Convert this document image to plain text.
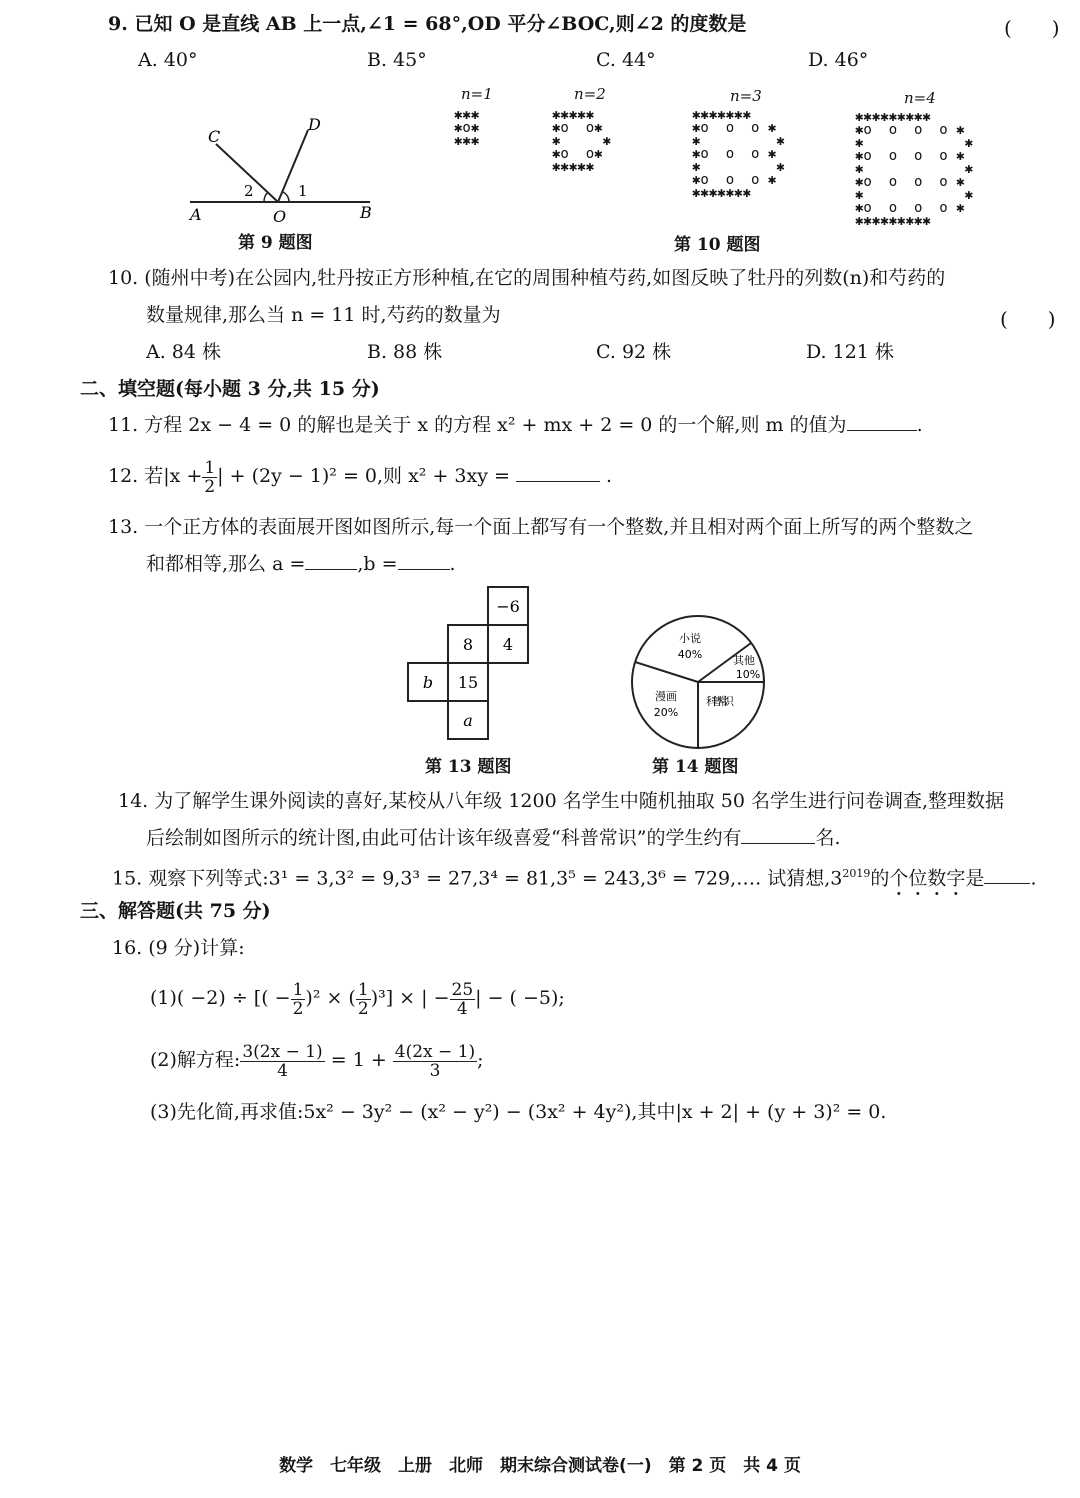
9. 已知 O 是直线 AB 上一点,∠1 = 68°,OD 平分∠BOC,则∠2 的度数是	(　　)
A. 40°	B. 45°	C. 44°	D. 46°
A	B
O
C
D
2	1
第 9 题图
n=1	n=2	n=3	n=4
✱✱✱
✱o✱
✱✱✱
✱✱✱✱✱
✱o  o✱
✱     ✱
✱o  o✱
✱✱✱✱✱
✱✱✱✱✱✱✱
✱o  o  o ✱
✱         ✱
✱o  o  o ✱
✱         ✱
✱o  o  o ✱
✱✱✱✱✱✱✱
✱✱✱✱✱✱✱✱✱
✱o  o  o  o ✱
✱            ✱
✱o  o  o  o ✱
✱            ✱
✱o  o  o  o ✱
✱            ✱
✱o  o  o  o ✱
✱✱✱✱✱✱✱✱✱
第 10 题图
10. (随州中考)在公园内,牡丹按正方形种植,在它的周围种植芍药,如图反映了牡丹的列数(n)和芍药的
数量规律,那么当 n = 11 时,芍药的数量为	(　　)
A. 84 株	B. 88 株	C. 92 株	D. 121 株
二、填空题(每小题 3 分,共 15 分)
11. 方程 2x − 4 = 0 的解也是关于 x 的方程 x² + mx + 2 = 0 的一个解,则 m 的值为	.
12. 若$|x + \frac{1}{2}$ | + (2y − 1)² = 0,则 x² + 3xy =	.
13. 一个正方体的表面展开图如图所示,每一个面上都写有一个整数,并且相对两个面上所写的两个整数之
和都相等,那么 a =	,b =	.
−6
8 4
b 15
a
第 13 题图
小说
40%	其他
10%
科普常识
漫画
20%
第 14 题图
14. 为了解学生课外阅读的喜好,某校从八年级 1200 名学生中随机抽取 50 名学生进行问卷调查,整理数据
后绘制如图所示的统计图,由此可估计该年级喜爱“科普常识”的学生约有	名.
15. 观察下列等式:3¹ = 3,3² = 9,3³ = 27,3⁴ = 81,3⁵ = 243,3⁶ = 729,…. 试猜想$,3^{2019}$的个位数字是 .
三、解答题(共 75 分)
16. (9 分)计算:
(1)( −2) ÷ [( − $\frac{1}{2} )^2$ × ( $\frac{1}{2} )^3$] × | − $\frac{25}{4}$ | − ( −5);
(2)解方程: $\frac{3(2x - 1)}{4} = 1 + \frac{4(2x - 1)}{3}$ ;
(3)先化简,再求值:5x² − 3y² − (x² − y²) − (3x² + 4y²),其中|x + 2| + (y + 3)² = 0.
数学　七年级　上册　北师　期末综合测试卷(一)　第 2 页　共 4 页
